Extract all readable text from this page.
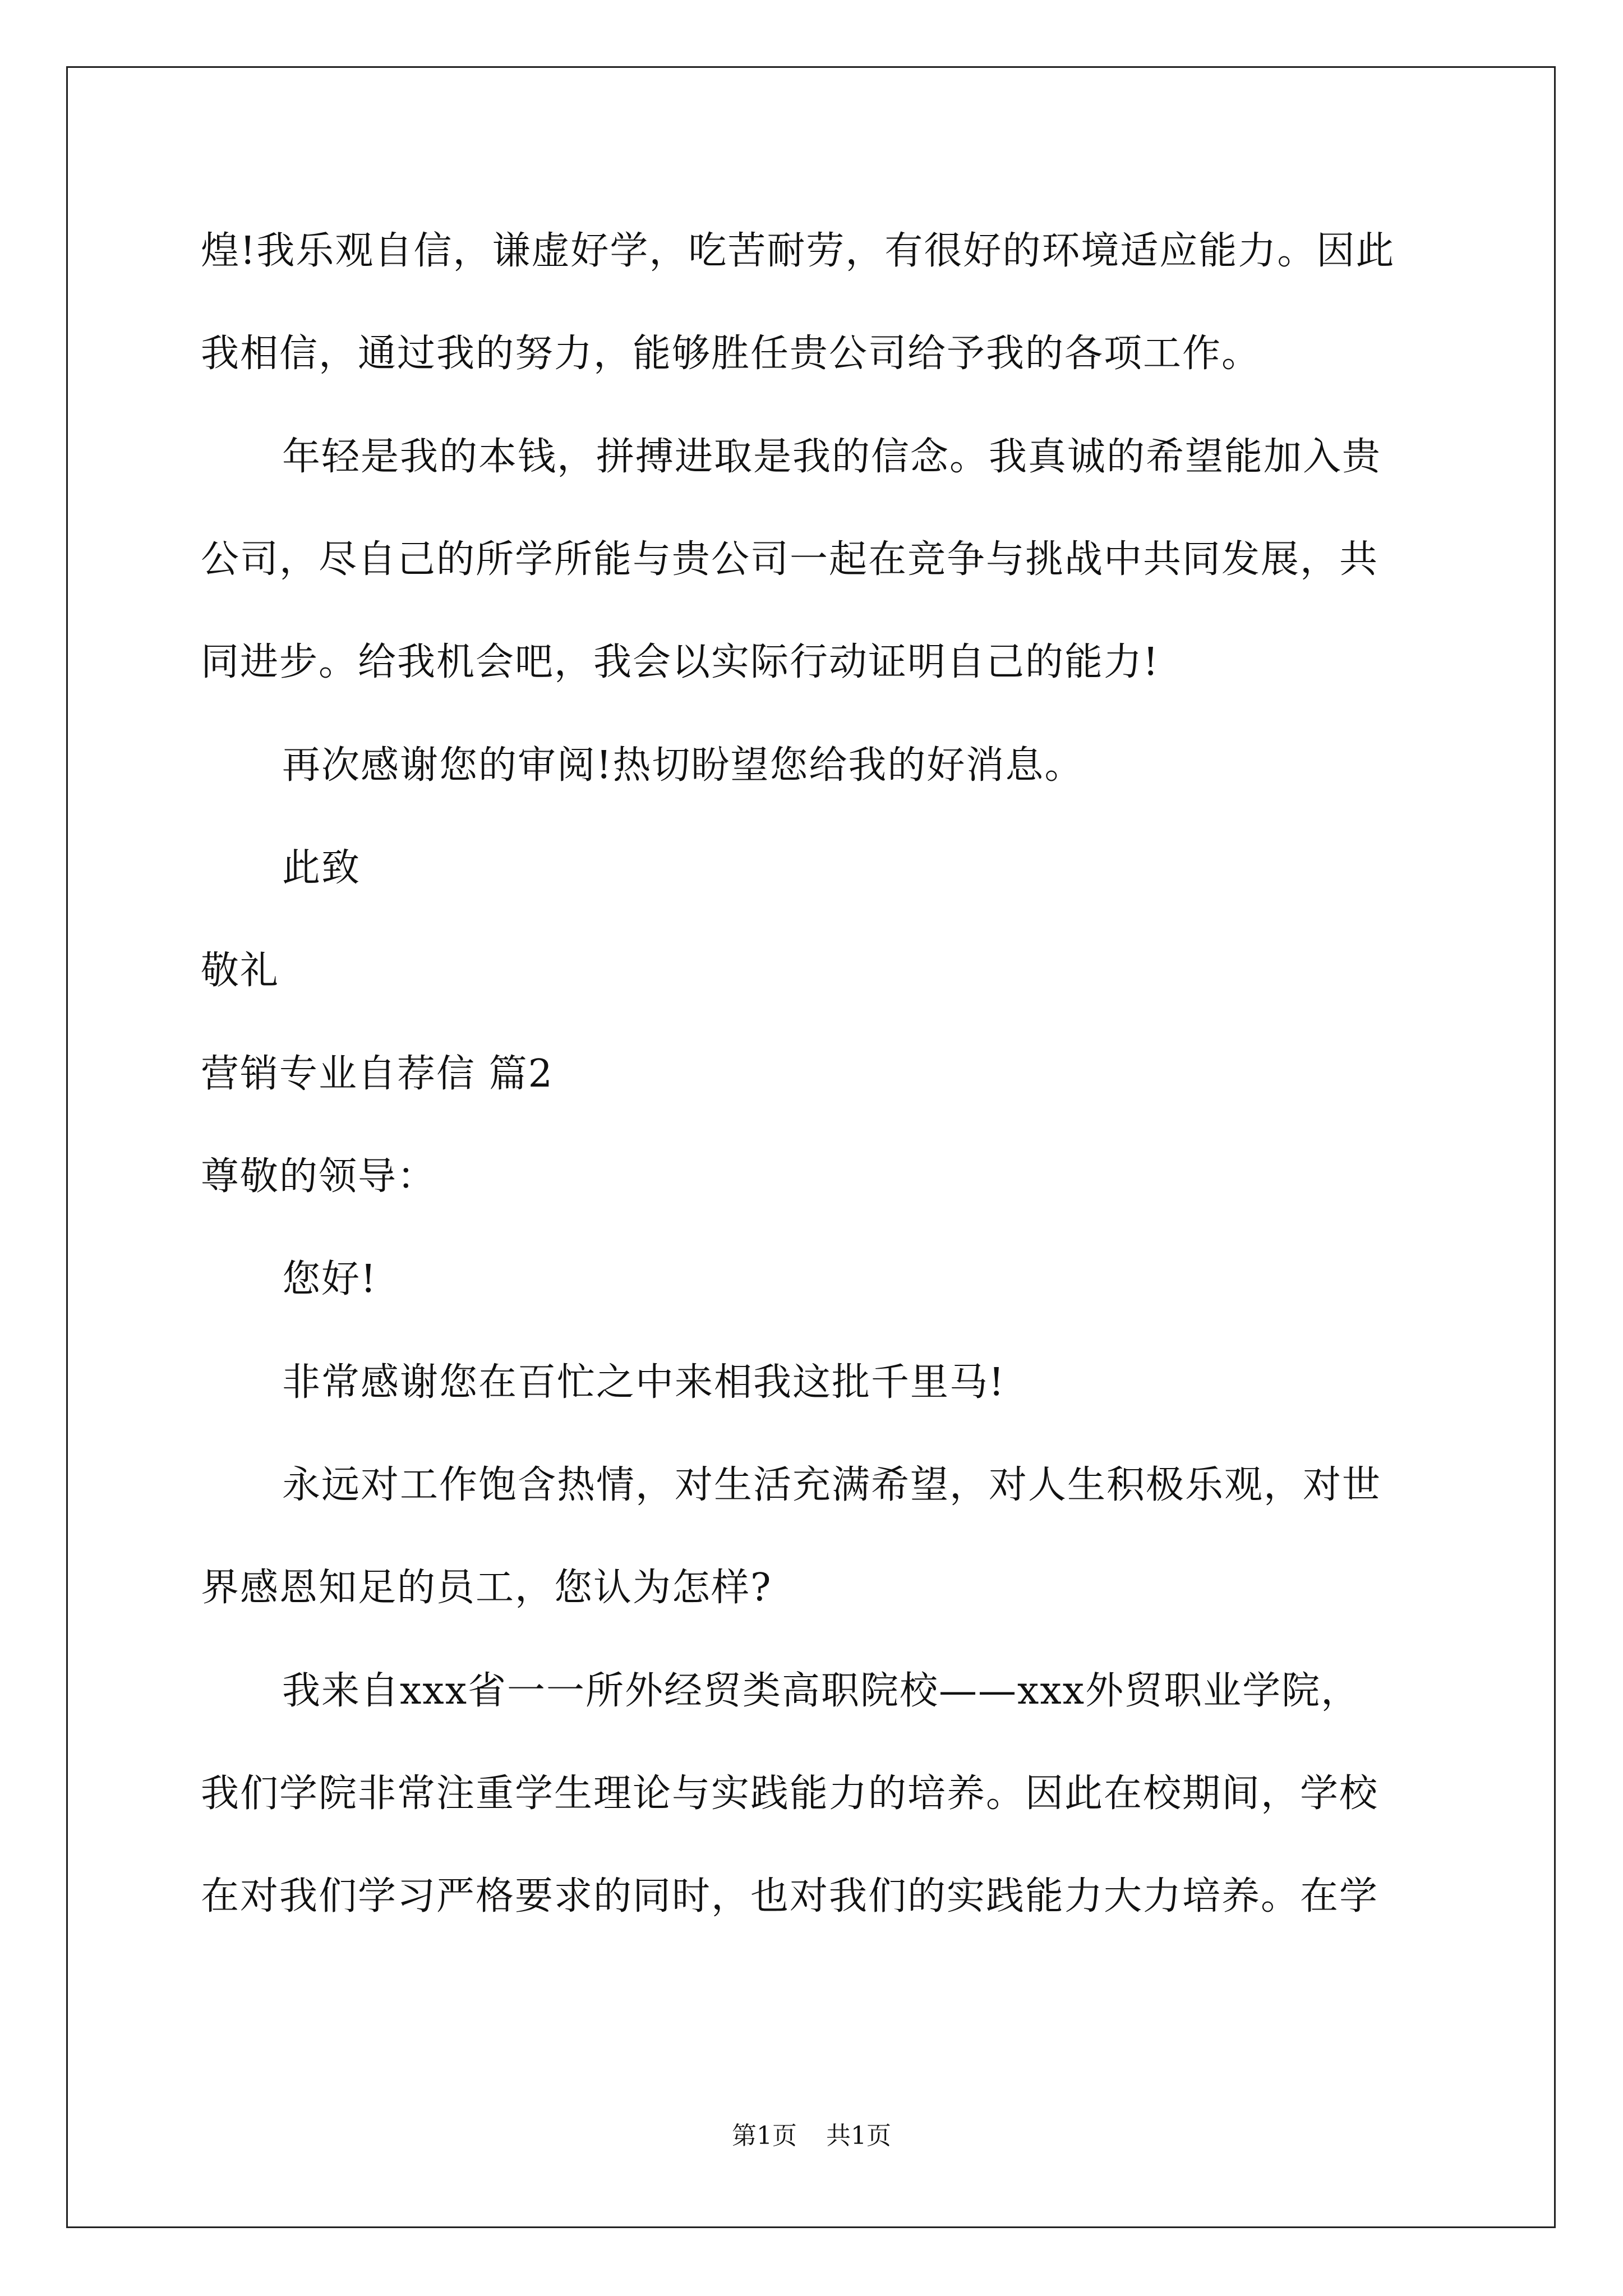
煌!我乐观自信，谦虚好学，吃苦耐劳，有很好的环境适应能力。因此
我相信，通过我的努力，能够胜任贵公司给予我的各项工作。
年轻是我的本钱，拼搏进取是我的信念。我真诚的希望能加入贵
公司，尽自己的所学所能与贵公司一起在竞争与挑战中共同发展，共
同进步。给我机会吧，我会以实际行动证明自己的能力!
再次感谢您的审阅!热切盼望您给我的好消息。
此致
敬礼
营销专业自荐信 篇2
尊敬的领导：
您好!
非常感谢您在百忙之中来相我这批千里马!
永远对工作饱含热情，对生活充满希望，对人生积极乐观，对世
界感恩知足的员工，您认为怎样?
我来自xxx省一一所外经贸类高职院校——xxx外贸职业学院，
我们学院非常注重学生理论与实践能力的培养。因此在校期间，学校
在对我们学习严格要求的同时，也对我们的实践能力大力培养。在学
第1页 共1页
